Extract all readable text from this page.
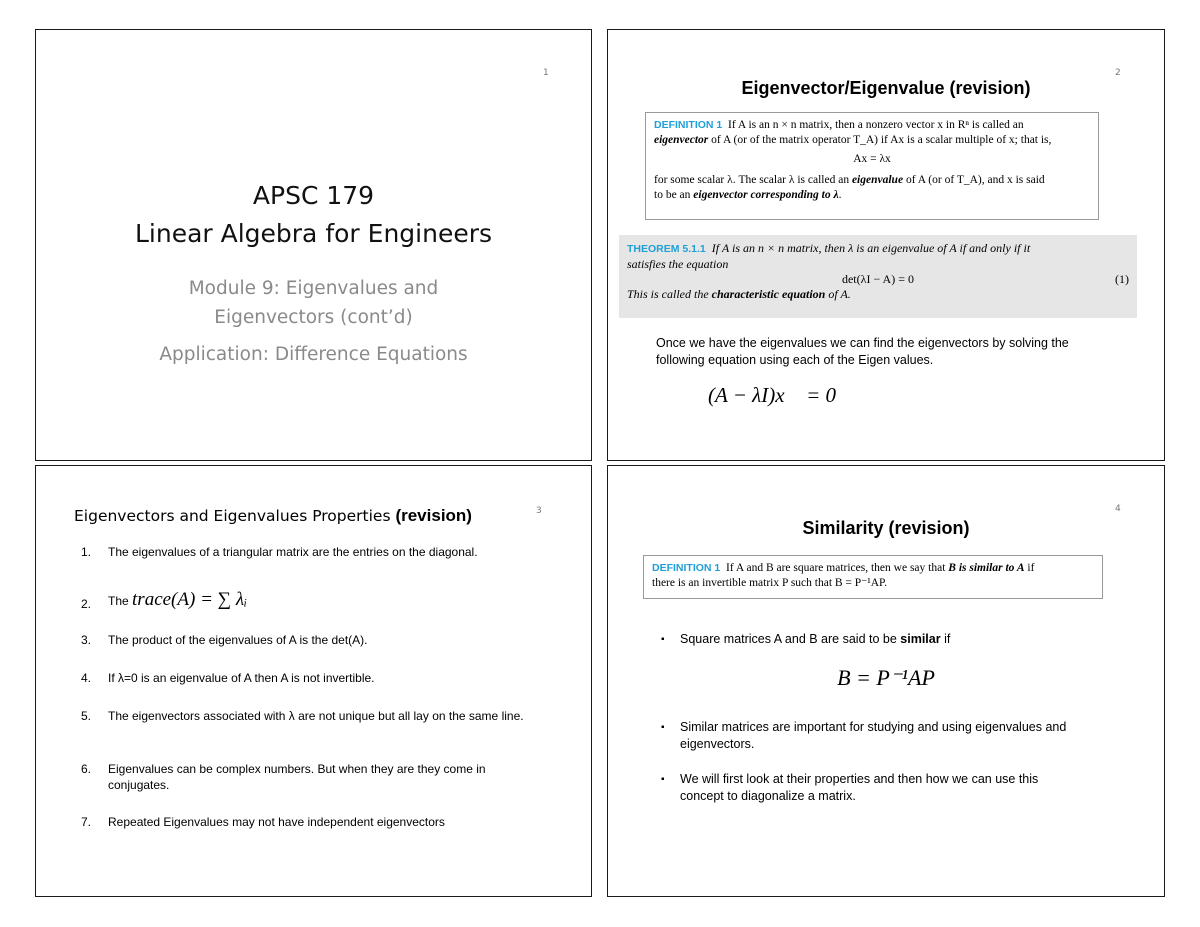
1
APSC 179
Linear Algebra for Engineers
Module 9: Eigenvalues and
Eigenvectors (cont’d)
Application: Difference Equations
2
Eigenvector/Eigenvalue (revision)
DEFINITION 1 If A is an n × n matrix, then a nonzero vector x in Rⁿ is called an
eigenvector of A (or of the matrix operator T_A) if Ax is a scalar multiple of x; that is,
Ax = λx
for some scalar λ. The scalar λ is called an eigenvalue of A (or of T_A), and x is said
to be an eigenvector corresponding to λ.
THEOREM 5.1.1 If A is an n × n matrix, then λ is an eigenvalue of A if and only if it
satisfies the equation
det(λI − A) = 0	(1)
This is called the characteristic equation of A.
Once we have the eigenvalues we can find the eigenvectors by solving the following equation using each of the Eigen values.
(A − λI)x⃗ = 0⃗
3
Eigenvectors and Eigenvalues Properties (revision)
1. The eigenvalues of a triangular matrix are the entries on the diagonal.
2. The trace(A) = ∑ λᵢ
3. The product of the eigenvalues of A is the det(A).
4. If λ=0 is an eigenvalue of A then A is not invertible.
5. The eigenvectors associated with λ are not unique but all lay on the same line.
6. Eigenvalues can be complex numbers. But when they are they come in conjugates.
7. Repeated Eigenvalues may not have independent eigenvectors
4
Similarity (revision)
DEFINITION 1 If A and B are square matrices, then we say that B is similar to A if
there is an invertible matrix P such that B = P⁻¹AP.
▪ Square matrices A and B are said to be similar if
B = P⁻¹AP
▪ Similar matrices are important for studying and using eigenvalues and eigenvectors.
▪ We will first look at their properties and then how we can use this concept to diagonalize a matrix.
